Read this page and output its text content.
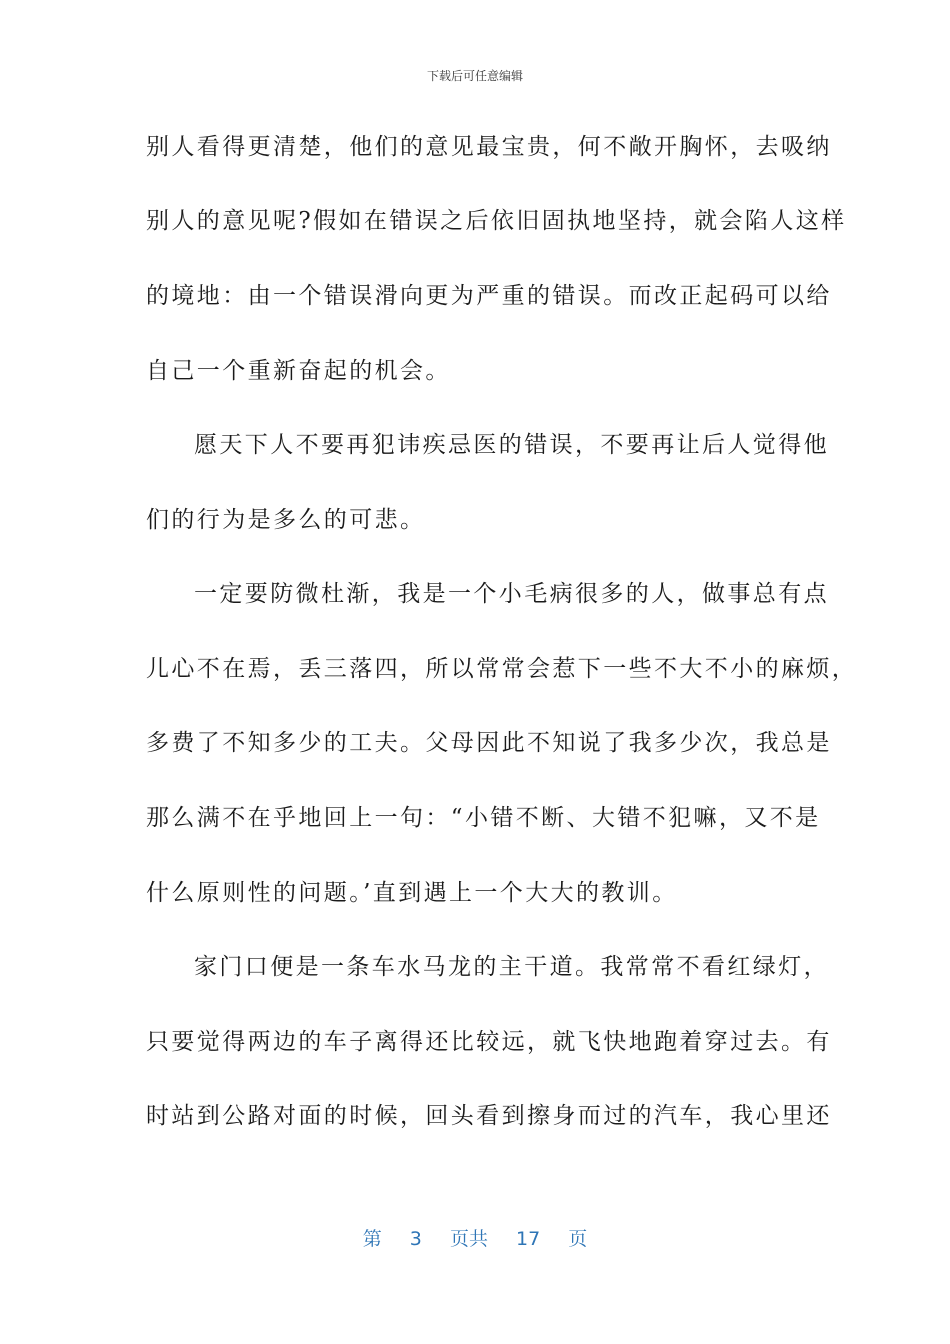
下载后可任意编辑
别人看得更清楚，他们的意见最宝贵，何不敞开胸怀，去吸纳
别人的意见呢?假如在错误之后依旧固执地坚持，就会陷人这样
的境地：由一个错误滑向更为严重的错误。而改正起码可以给
自己一个重新奋起的机会。
愿天下人不要再犯讳疾忌医的错误，不要再让后人觉得他
们的行为是多么的可悲。
一定要防微杜渐，我是一个小毛病很多的人，做事总有点
儿心不在焉，丢三落四，所以常常会惹下一些不大不小的麻烦，
多费了不知多少的工夫。父母因此不知说了我多少次，我总是
那么满不在乎地回上一句：“小错不断、大错不犯嘛，又不是
什么原则性的问题。’直到遇上一个大大的教训。
家门口便是一条车水马龙的主干道。我常常不看红绿灯，
只要觉得两边的车子离得还比较远，就飞快地跑着穿过去。有
时站到公路对面的时候，回头看到擦身而过的汽车，我心里还
第 3 页共 17 页
